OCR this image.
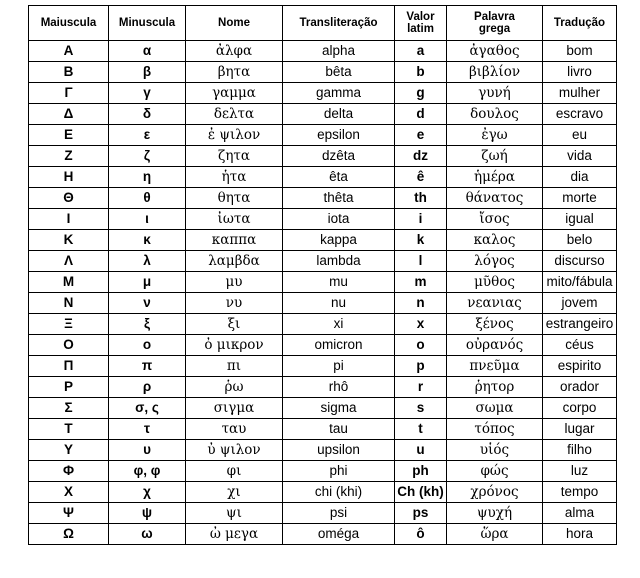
Maiuscula	Minuscula	Nome	Transliteração	Valor latim	Palavra grega	Tradução
Α	α	ἀλφα	alpha	a	ἀγαθος	bom
Β	β	βητα	bêta	b	βιβλίον	livro
Γ	γ	γαμμα	gamma	g	γυνή	mulher
Δ	δ	δελτα	delta	d	δουλος	escravo
Ε	ε	ἐ ψιλον	epsilon	e	ἐγω	eu
Ζ	ζ	ζητα	dzêta	dz	ζωή	vida
Η	η	ἡτα	êta	ê	ἡμέρα	dia
Θ	θ	θητα	thêta	th	θάνατος	morte
Ι	ι	ἰωτα	iota	i	ἴσος	igual
Κ	κ	καππα	kappa	k	καλος	belo
Λ	λ	λαμβδα	lambda	l	λόγος	discurso
Μ	μ	μυ	mu	m	μῦθος	mito/fábula
Ν	ν	νυ	nu	n	νεανιας	jovem
Ξ	ξ	ξι	xi	x	ξένος	estrangeiro
Ο	ο	ὀ μικρον	omicron	o	οὐρανός	céus
Π	π	πι	pi	p	πνεῦμα	espirito
Ρ	ρ	ῥω	rhô	r	ῥητορ	orador
Σ	σ, ς	σιγμα	sigma	s	σωμα	corpo
Τ	τ	ταυ	tau	t	τόπος	lugar
Υ	υ	ὐ ψιλον	upsilon	u	υἱός	filho
Φ	φ, φ	φι	phi	ph	φώς	luz
Χ	χ	χι	chi (khi)	Ch (kh)	χρόνος	tempo
Ψ	ψ	ψι	psi	ps	ψυχή	alma
Ω	ω	ὠ μεγα	oméga	ô	ὥρα	hora
